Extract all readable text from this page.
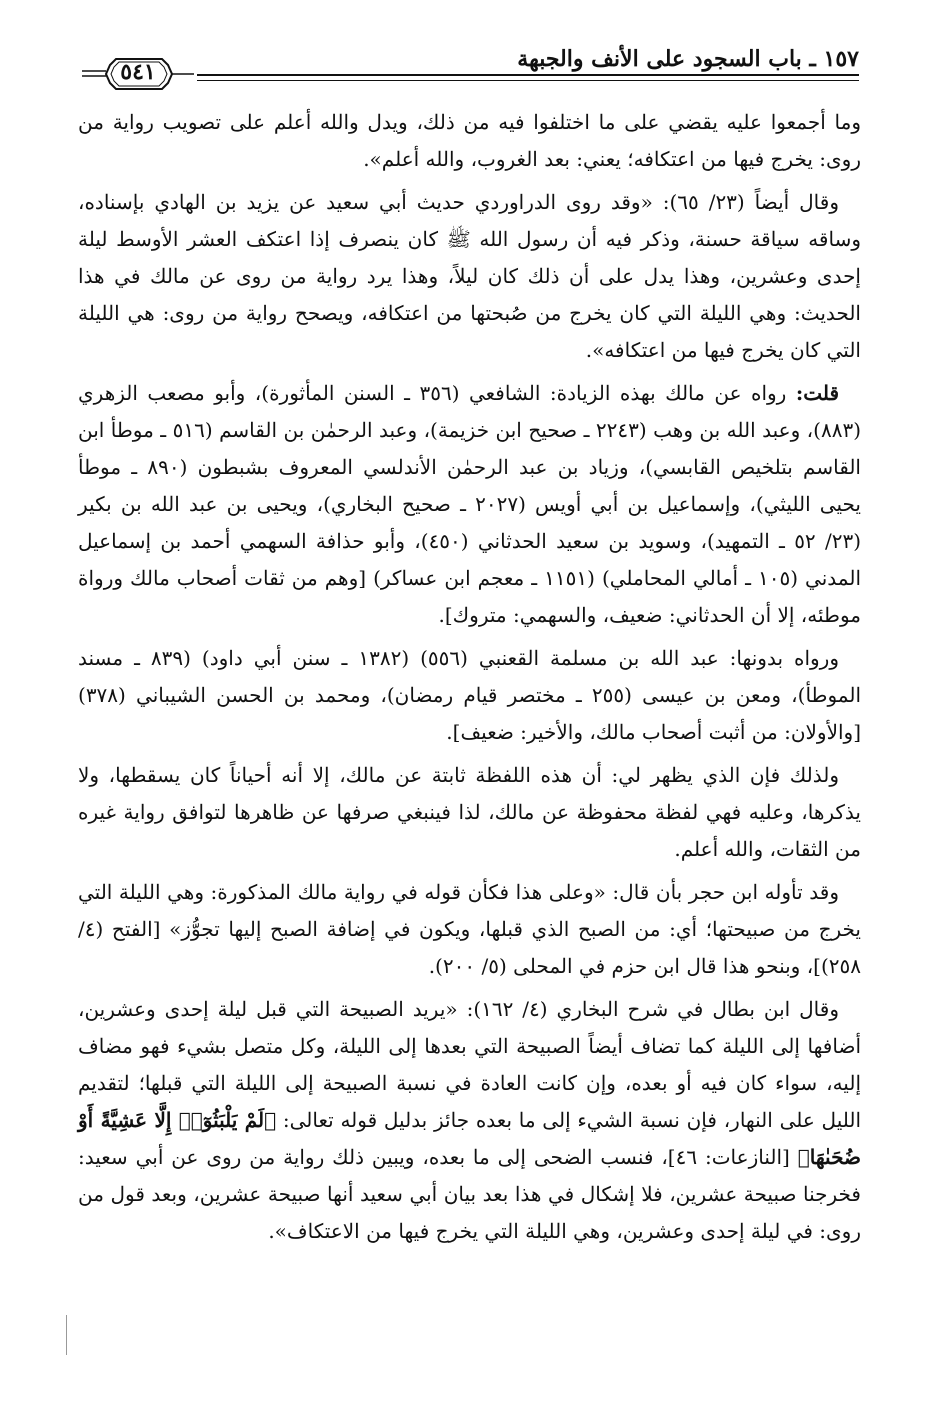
١٥٧ ـ باب السجود على الأنف والجبهة
٥٤١

وما أجمعوا عليه يقضي على ما اختلفوا فيه من ذلك، ويدل والله أعلم على تصويب رواية من روى: يخرج فيها من اعتكافه؛ يعني: بعد الغروب، والله أعلم».

وقال أيضاً (٢٣/ ٦٥): «وقد روى الدراوردي حديث أبي سعيد عن يزيد بن الهادي بإسناده، وساقه سياقة حسنة، وذكر فيه أن رسول الله ﷺ كان ينصرف إذا اعتكف العشر الأوسط ليلة إحدى وعشرين، وهذا يدل على أن ذلك كان ليلاً، وهذا يرد رواية من روى عن مالك في هذا الحديث: وهي الليلة التي كان يخرج من صُبحتها من اعتكافه، ويصحح رواية من روى: هي الليلة التي كان يخرج فيها من اعتكافه».

قلت: رواه عن مالك بهذه الزيادة: الشافعي (٣٥٦ ـ السنن المأثورة)، وأبو مصعب الزهري (٨٨٣)، وعبد الله بن وهب (٢٢٤٣ ـ صحيح ابن خزيمة)، وعبد الرحمٰن بن القاسم (٥١٦ ـ موطأ ابن القاسم بتلخيص القابسي)، وزياد بن عبد الرحمٰن الأندلسي المعروف بشبطون (٨٩٠ ـ موطأ يحيى الليثي)، وإسماعيل بن أبي أويس (٢٠٢٧ ـ صحيح البخاري)، ويحيى بن عبد الله بن بكير (٢٣/ ٥٢ ـ التمهيد)، وسويد بن سعيد الحدثاني (٤٥٠)، وأبو حذافة السهمي أحمد بن إسماعيل المدني (١٠٥ ـ أمالي المحاملي) (١١٥١ ـ معجم ابن عساكر) [وهم من ثقات أصحاب مالك ورواة موطئه، إلا أن الحدثاني: ضعيف، والسهمي: متروك].

ورواه بدونها: عبد الله بن مسلمة القعنبي (٥٥٦) (١٣٨٢ ـ سنن أبي داود) (٨٣٩ ـ مسند الموطأ)، ومعن بن عيسى (٢٥٥ ـ مختصر قيام رمضان)، ومحمد بن الحسن الشيباني (٣٧٨) [والأولان: من أثبت أصحاب مالك، والأخير: ضعيف].

ولذلك فإن الذي يظهر لي: أن هذه اللفظة ثابتة عن مالك، إلا أنه أحياناً كان يسقطها، ولا يذكرها، وعليه فهي لفظة محفوظة عن مالك، لذا فينبغي صرفها عن ظاهرها لتوافق رواية غيره من الثقات، والله أعلم.

وقد تأوله ابن حجر بأن قال: «وعلى هذا فكأن قوله في رواية مالك المذكورة: وهي الليلة التي يخرج من صبيحتها؛ أي: من الصبح الذي قبلها، ويكون في إضافة الصبح إليها تجوُّز» [الفتح (٤/ ٢٥٨)]، وبنحو هذا قال ابن حزم في المحلى (٥/ ٢٠٠).

وقال ابن بطال في شرح البخاري (٤/ ١٦٢): «يريد الصبيحة التي قبل ليلة إحدى وعشرين، أضافها إلى الليلة كما تضاف أيضاً الصبيحة التي بعدها إلى الليلة، وكل متصل بشيء فهو مضاف إليه، سواء كان فيه أو بعده، وإن كانت العادة في نسبة الصبيحة إلى الليلة التي قبلها؛ لتقديم الليل على النهار، فإن نسبة الشيء إلى ما بعده جائز بدليل قوله تعالى: ﴿لَمْ يَلْبَثُوٓا۟ إِلَّا عَشِيَّةً أَوْ ضُحَىٰهَا﴾ [النازعات: ٤٦]، فنسب الضحى إلى ما بعده، ويبين ذلك رواية من روى عن أبي سعيد: فخرجنا صبيحة عشرين، فلا إشكال في هذا بعد بيان أبي سعيد أنها صبيحة عشرين، وبعد قول من روى: في ليلة إحدى وعشرين، وهي الليلة التي يخرج فيها من الاعتكاف».
